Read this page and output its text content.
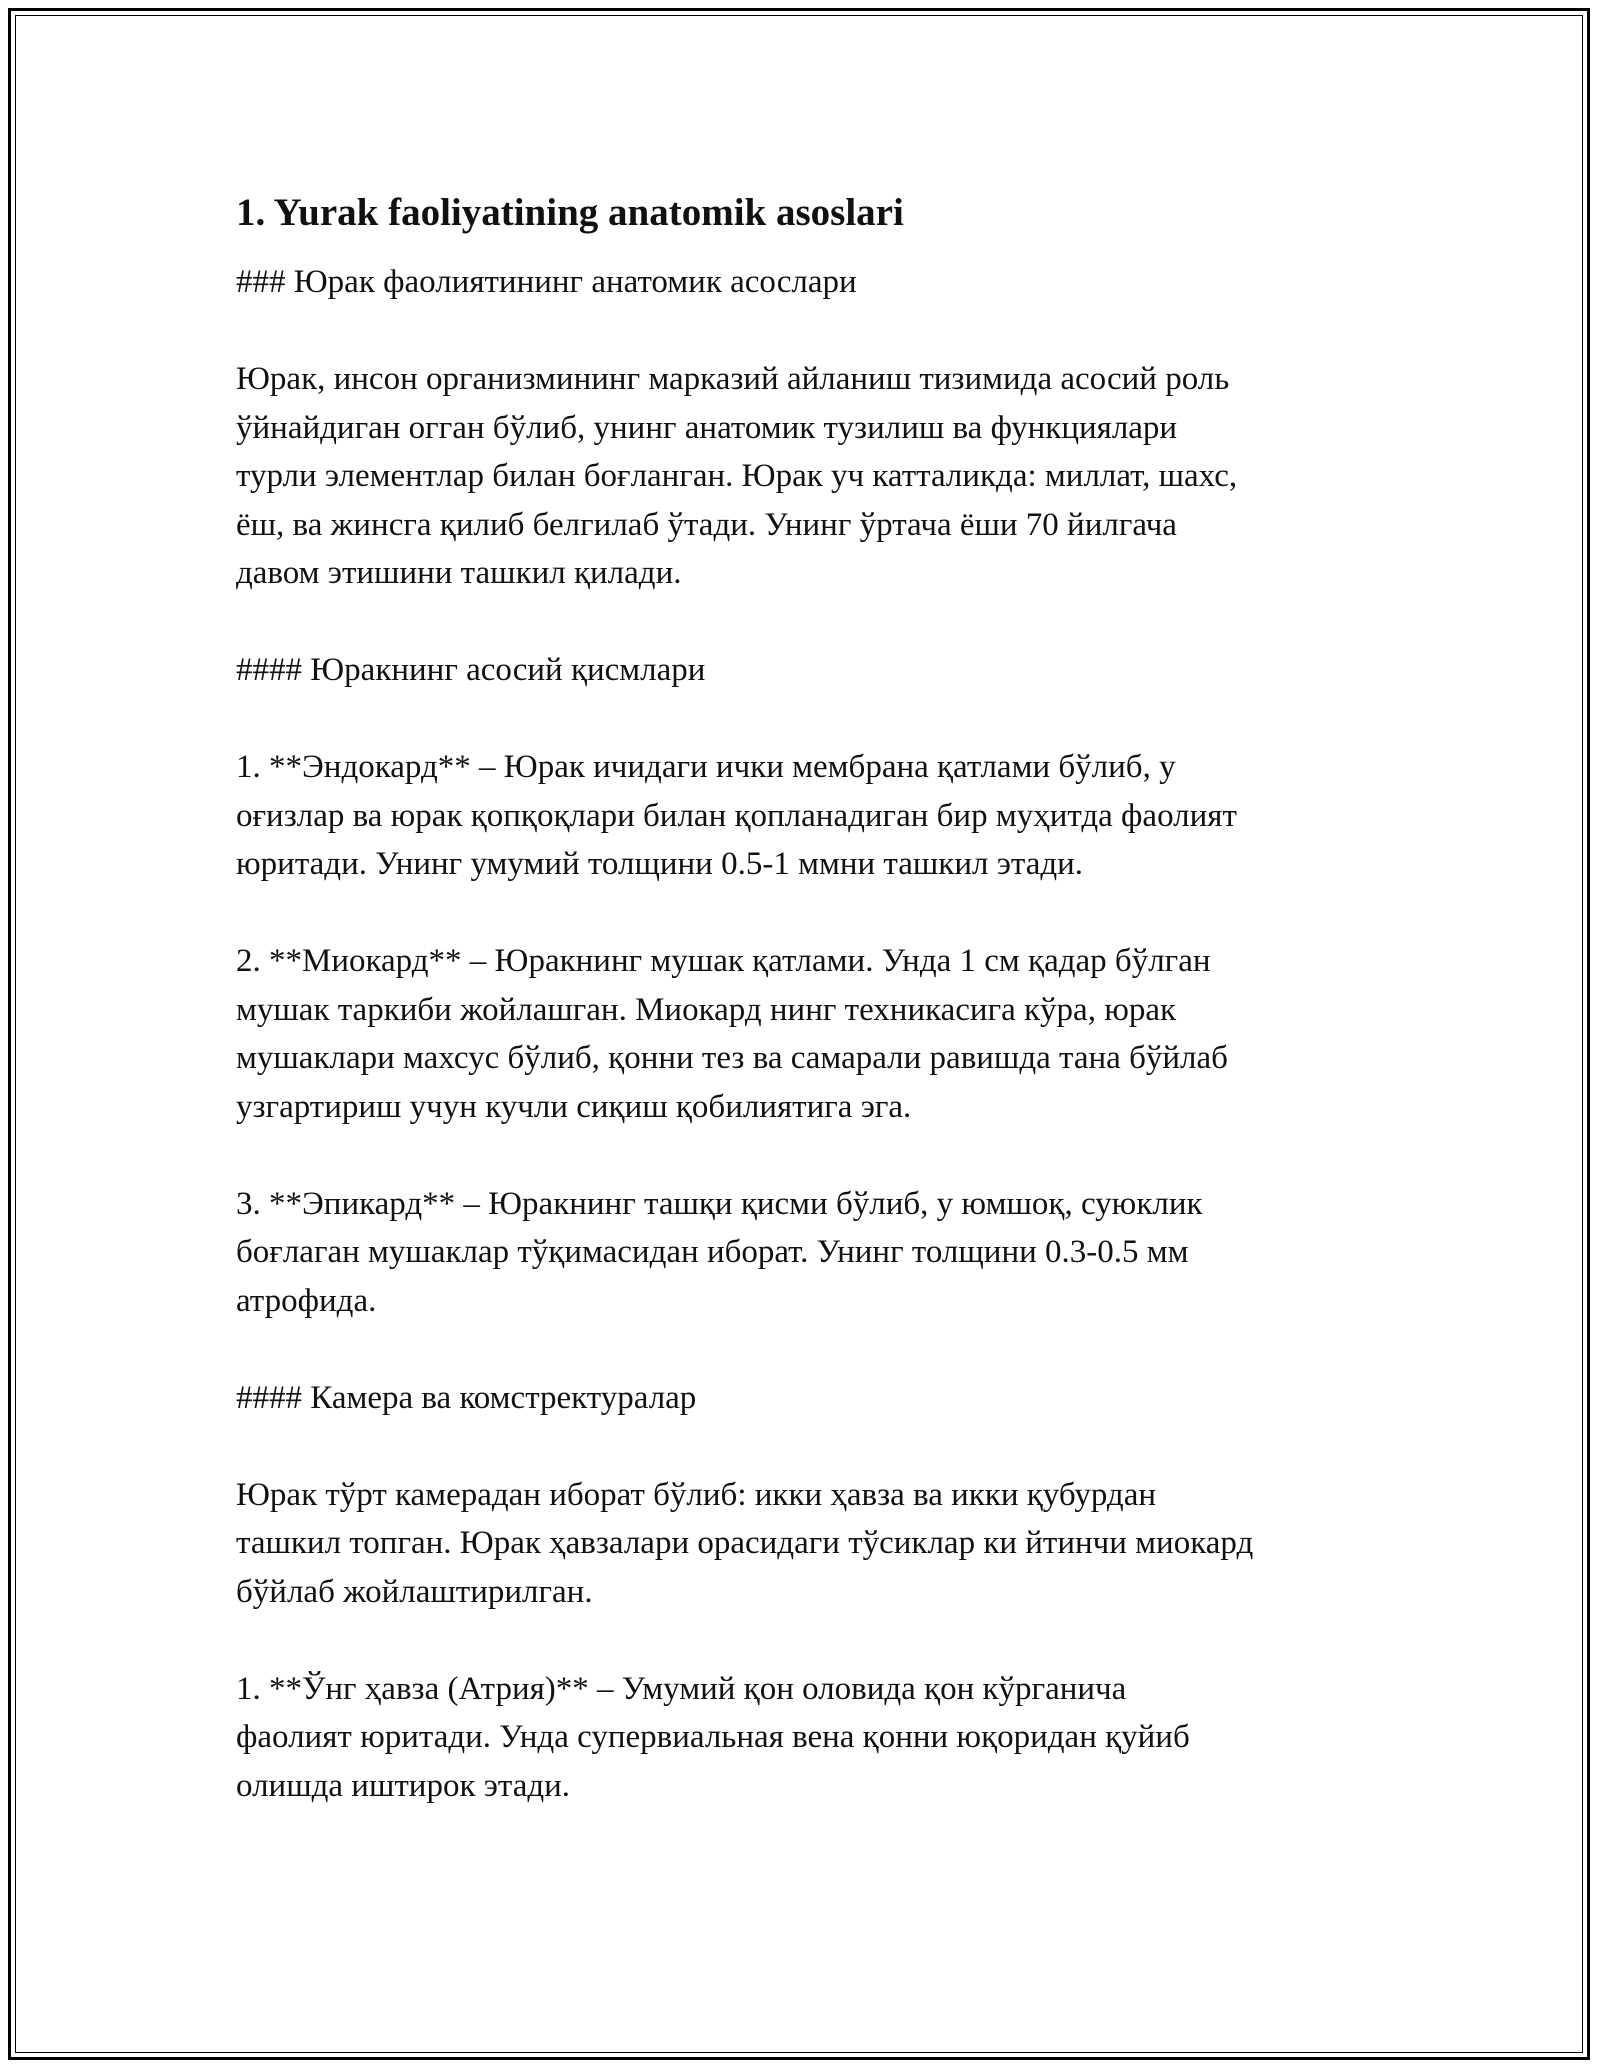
1. Yurak faoliyatining anatomik asoslari

### Юрак фаолиятининг анатомик асослари

Юрак, инсон организмининг марказий айланиш тизимида асосий роль
ўйнайдиган огган бўлиб, унинг анатомик тузилиш ва функциялари
турли элементлар билан боғланган. Юрак уч катталикда: миллат, шахс,
ёш, ва жинсга қилиб белгилаб ўтади. Унинг ўртача ёши 70 йилгача
давом этишини ташкил қилади.

#### Юракнинг асосий қисмлари

1. **Эндокард** – Юрак ичидаги ички мембрана қатлами бўлиб, у
оғизлар ва юрак қопқоқлари билан қопланадиган бир муҳитда фаолият
юритади. Унинг умумий толщини 0.5-1 ммни ташкил этади.

2. **Миокард** – Юракнинг мушак қатлами. Унда 1 см қадар бўлган
мушак таркиби жойлашган. Миокард нинг техникасига кўра, юрак
мушаклари махсус бўлиб, қонни тез ва самарали равишда тана бўйлаб
узгартириш учун кучли сиқиш қобилиятига эга.

3. **Эпикард** – Юракнинг ташқи қисми бўлиб, у юмшоқ, суюклик
боғлаган мушаклар тўқимасидан иборат. Унинг толщини 0.3-0.5 мм
атрофида.

#### Камера ва комстректуралар

Юрак тўрт камерадан иборат бўлиб: икки ҳавза ва икки қубурдан
ташкил топган. Юрак ҳавзалари орасидаги тўсиклар ки йтинчи миокард
бўйлаб жойлаштирилган.

1. **Ўнг ҳавза (Атрия)** – Умумий қон оловида қон кўрганича
фаолият юритади. Унда супервиальная вена қонни юқоридан қуйиб
олишда иштирок этади.
